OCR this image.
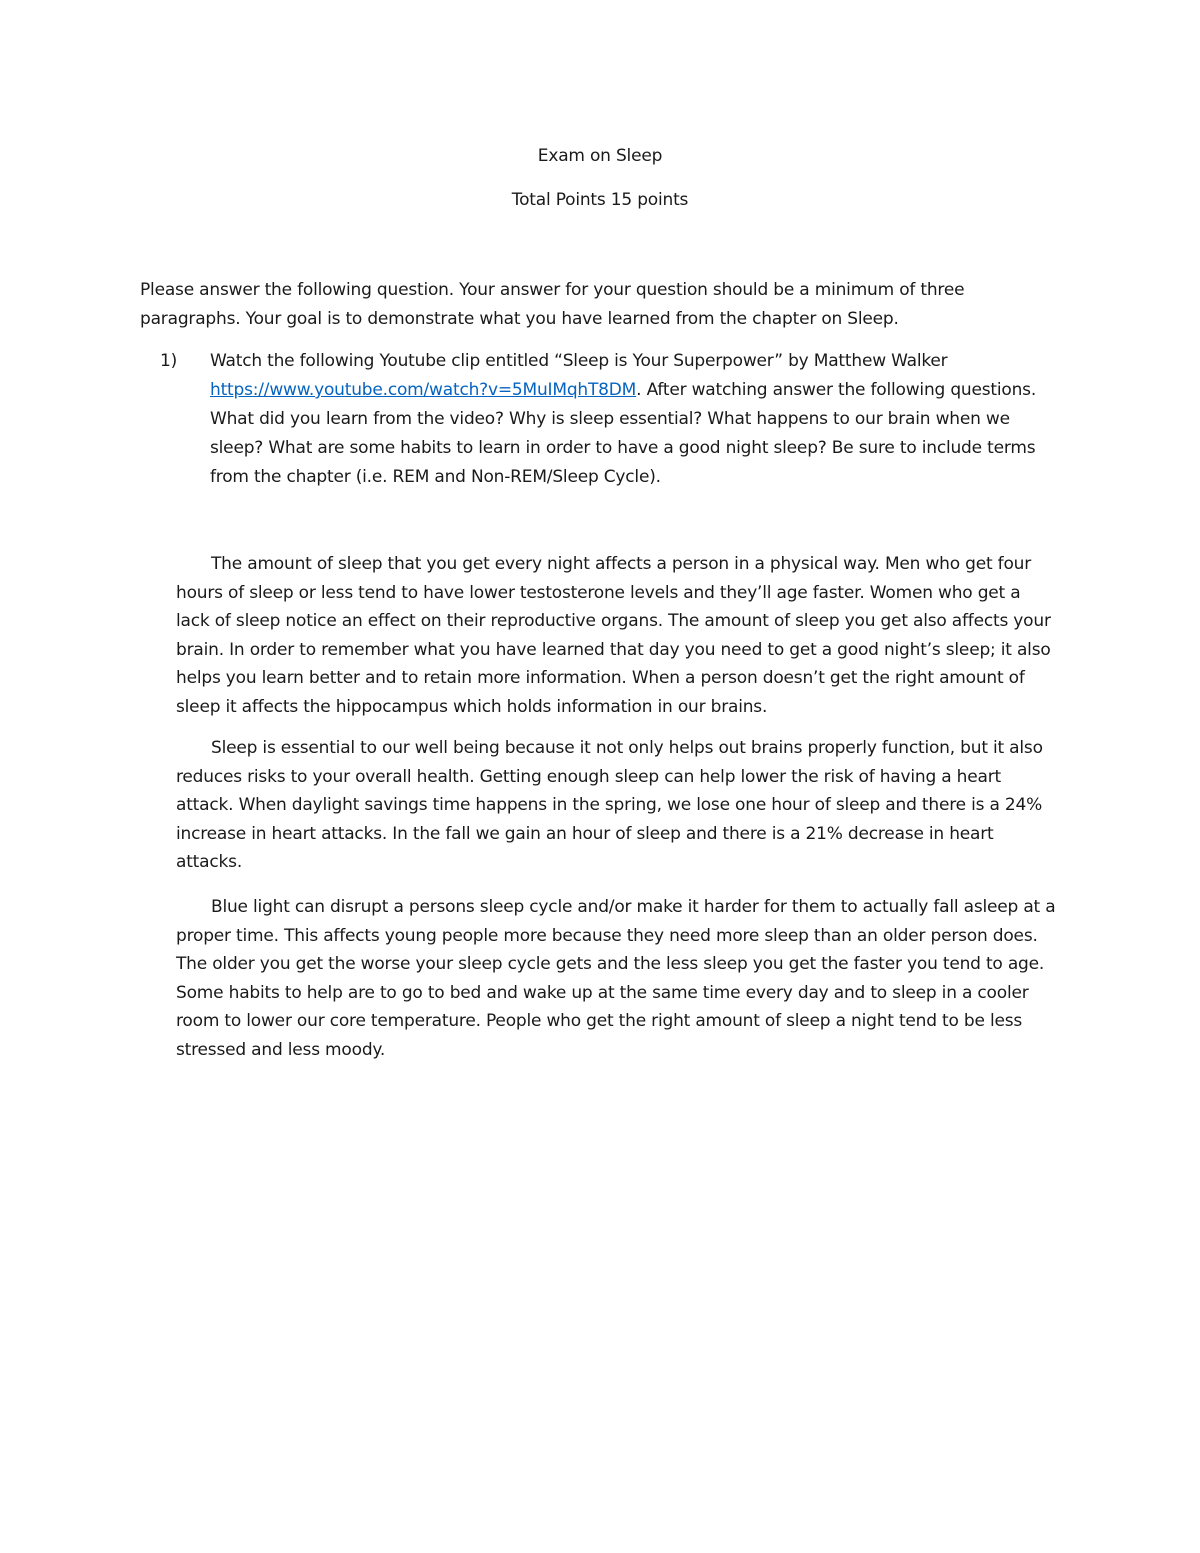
Exam on Sleep
Total Points 15 points
Please answer the following question. Your answer for your question should be a minimum of three paragraphs. Your goal is to demonstrate what you have learned from the chapter on Sleep.
1)	Watch the following Youtube clip entitled “Sleep is Your Superpower” by Matthew Walker https://www.youtube.com/watch?v=5MuIMqhT8DM. After watching answer the following questions. What did you learn from the video? Why is sleep essential? What happens to our brain when we sleep? What are some habits to learn in order to have a good night sleep? Be sure to include terms from the chapter (i.e. REM and Non-REM/Sleep Cycle).

The amount of sleep that you get every night affects a person in a physical way. Men who get four hours of sleep or less tend to have lower testosterone levels and they’ll age faster. Women who get a lack of sleep notice an effect on their reproductive organs. The amount of sleep you get also affects your brain. In order to remember what you have learned that day you need to get a good night’s sleep; it also helps you learn better and to retain more information. When a person doesn’t get the right amount of sleep it affects the hippocampus which holds information in our brains.

Sleep is essential to our well being because it not only helps out brains properly function, but it also reduces risks to your overall health. Getting enough sleep can help lower the risk of having a heart attack. When daylight savings time happens in the spring, we lose one hour of sleep and there is a 24% increase in heart attacks. In the fall we gain an hour of sleep and there is a 21% decrease in heart attacks.

Blue light can disrupt a persons sleep cycle and/or make it harder for them to actually fall asleep at a proper time. This affects young people more because they need more sleep than an older person does. The older you get the worse your sleep cycle gets and the less sleep you get the faster you tend to age. Some habits to help are to go to bed and wake up at the same time every day and to sleep in a cooler room to lower our core temperature. People who get the right amount of sleep a night tend to be less stressed and less moody.
